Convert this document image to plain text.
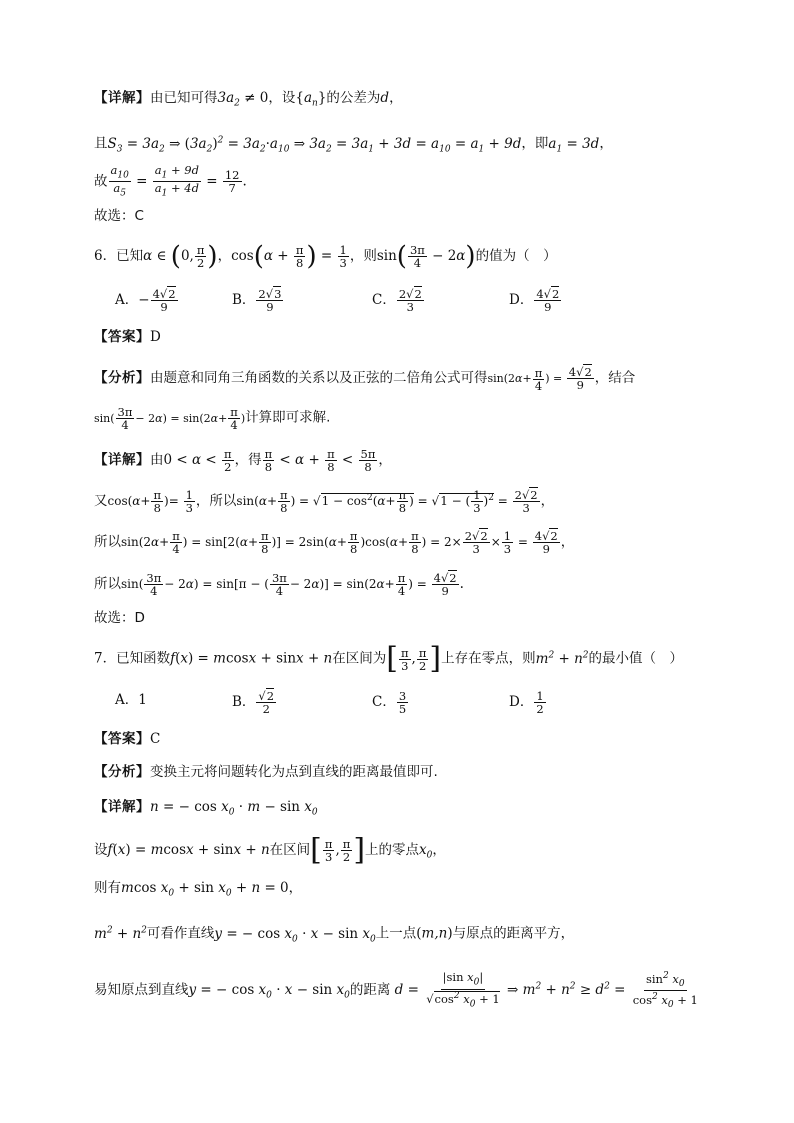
【详解】由已知可得$3a_2 \ne 0$，设$\{a_n\}$的公差为d，
且$S_3 = 3a_2$ ⇒ $(3a_2)^2 = 3a_2\cdot a_{10}$ ⇒ $3a_2 = 3a_1 + 3d = a_{10} = a_1 + 9d$，即$a_1 = 3d$，
故 $\frac{a_{10}}{a_5} = \frac{a_1 + 9d}{a_1 + 4d} = \frac{12}{7}$ .
故选：C
6．已知α ∈ (0, $\frac{\pi}{2}$ )，$\cos(\alpha + \frac{\pi}{8}$ ) = $\frac{1}{3}$ ，则$\sin( \frac{3\pi}{4} - 2\alpha)$的值为（　）
A．− $\frac{4√2}{9}$	B． $\frac{2√3}{9}$	C． $\frac{2√2}{3}$	D． $\frac{4√2}{9}$
【答案】D
【分析】由题意和同角三角函数的关系以及正弦的二倍角公式可得$\sin(2\alpha+ \frac{\pi}{4}$ ) = $\frac{4√2}{9}$ ，结合
$\sin( \frac{3\pi}{4} - 2\alpha) = \sin(2\alpha+ \frac{\pi}{4}$ )计算即可求解.
【详解】由$0 < \alpha < \frac{\pi}{2}$ ，得 $\frac{\pi}{8} < \alpha + \frac{\pi}{8} < \frac{5\pi}{8}$ ，
又$\cos(\alpha+ \frac{\pi}{8}$ )= $\frac{1}{3}$ ，所以$\sin(\alpha+ \frac{\pi}{8}$ ) = $√1 - \cos^2(\alpha+ \frac{\pi}{8}$ ) = √1 − ( $\frac{1}{3} )^2 = \frac{2√2}{3}$ ，
所以$\sin(2\alpha+ \frac{\pi}{4}$ ) = $\sin[2(\alpha+ \frac{\pi}{8}$ )] = $2\sin(\alpha+ \frac{\pi}{8} )\cos(\alpha+ \frac{\pi}{8}$ ) = $2\times \frac{2√2}{3} \times \frac{1}{3} = \frac{4√2}{9}$ ，
所以$\sin( \frac{3\pi}{4} - 2\alpha) = \sin[\pi$ − ( $\frac{3\pi}{4} - 2\alpha)] = \sin(2\alpha+ \frac{\pi}{4}$ ) = $\frac{4√2}{9}$ .
故选：D
7．已知函数f(x) = mcosx + sinx + n在区间为[ $\frac{\pi}{3}$ , $\frac{\pi}{2}$ ]上存在零点，则$m^2 + n^2$的最小值（　）
A．1	B． $\frac{√2}{2}$	C． $\frac{3}{5}$	D． $\frac{1}{2}$
【答案】C
【分析】变换主元将问题转化为点到直线的距离最值即可.
【详解】n = − $\cos x_0 \cdot m - \sin x_0$
设f(x) = mcosx + sinx + n在区间[ $\frac{\pi}{3}$ , $\frac{\pi}{2}$ ]上的零点$x_0$，
则有mcos $x_0 + \sin x_0 + n = 0$，
$m^2 + n^2$可看作直线y = − $\cos x_0 \cdot x - \sin x_0$上一点(m,n)与原点的距离平方，
易知原点到直线y = − $\cos x_0 \cdot x - \sin x_0$的距离 $d = \frac{|\sin x_0|}{√\cos^2 x_0 + 1}$ ⇒ $m^2 + n^2 \ge d^2 = \frac{\sin^2 x_0}{\cos^2 x_0 + 1}$
